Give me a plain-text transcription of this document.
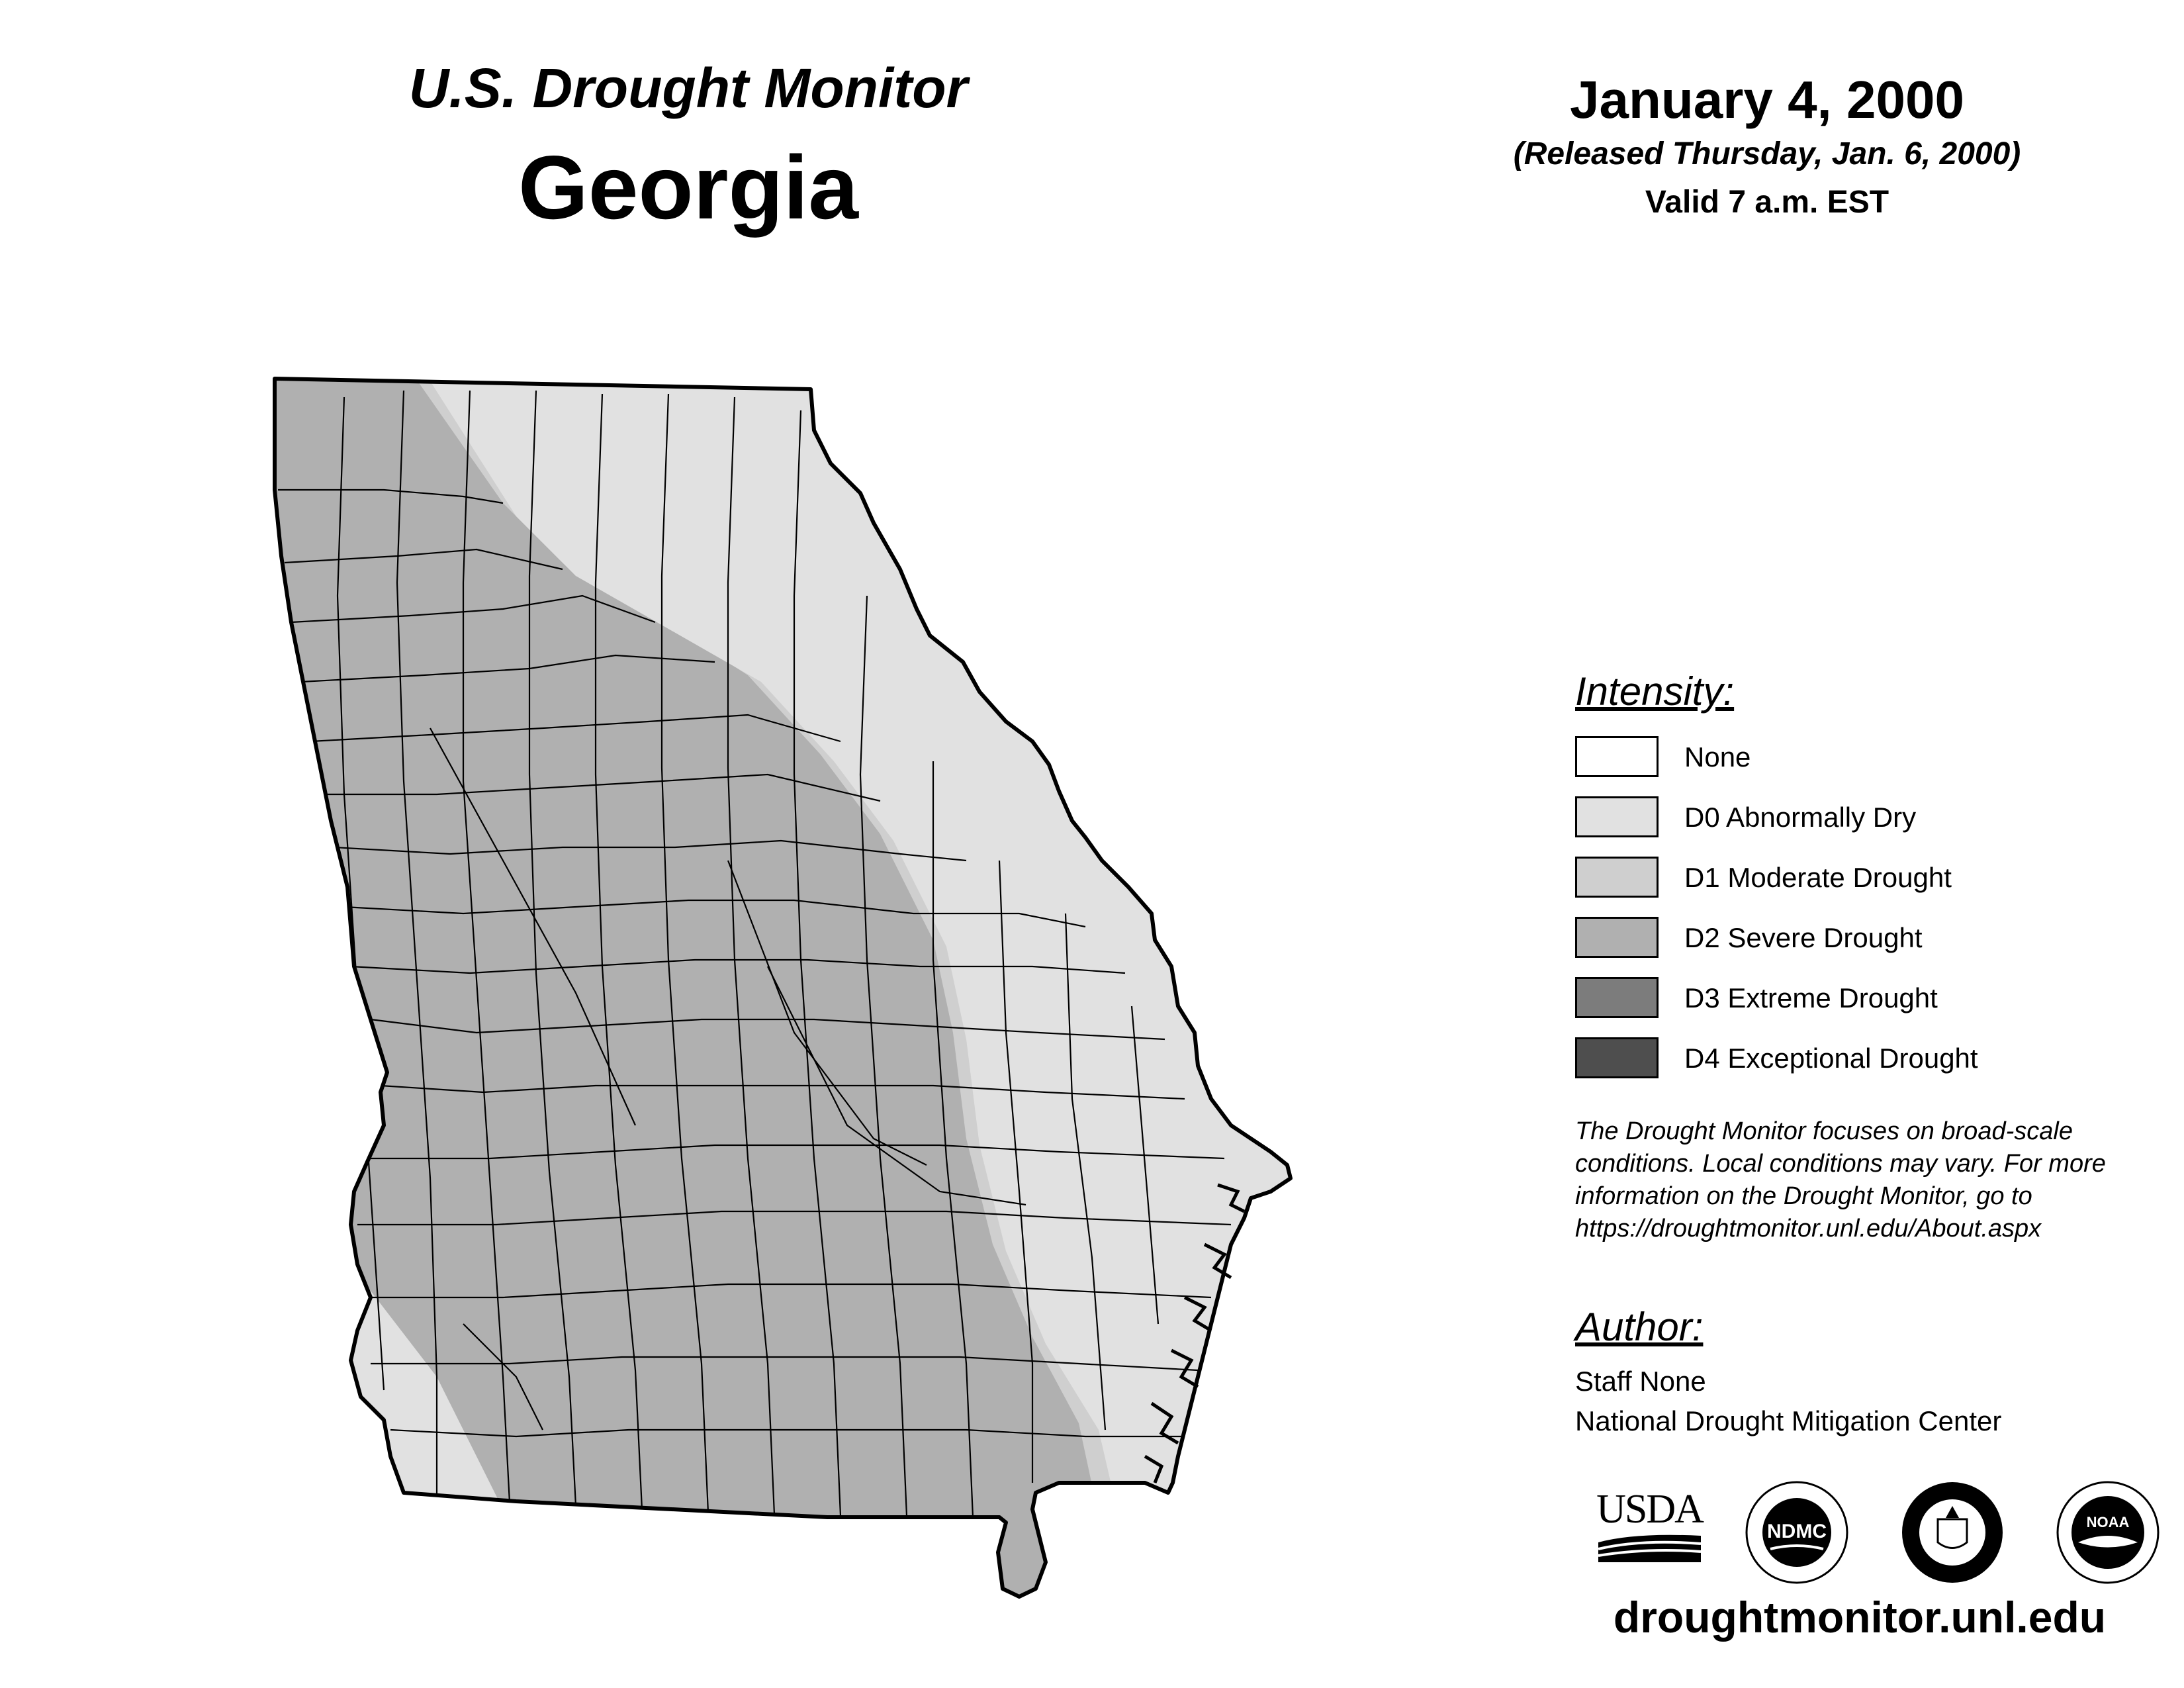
U.S. Drought Monitor
Georgia
January 4, 2000
(Released Thursday, Jan. 6, 2000)
Valid 7 a.m. EST
Intensity:
None
D0 Abnormally Dry
D1 Moderate Drought
D2 Severe Drought
D3 Extreme Drought
D4 Exceptional Drought
The Drought Monitor focuses on broad-scale conditions. Local conditions may vary. For more information on the Drought Monitor, go to https://droughtmonitor.unl.edu/About.aspx
Author:
Staff None
National Drought Mitigation Center
USDA	NDMC	NOAA
droughtmonitor.unl.edu
